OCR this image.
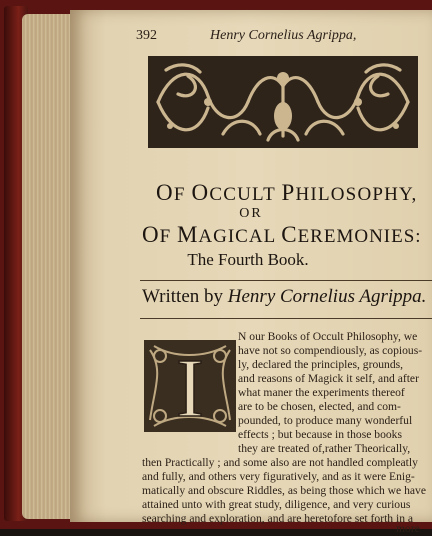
392	Henry Cornelius Agrippa,
OF OCCULT PHILOSOPHY,
OR
OF MAGICAL CEREMONIES:
The Fourth Book.
Written by Henry Cornelius Agrippa.
I
N our Books of Occult Philosophy, we
have not so compendiously, as copious-
ly, declared the principles, grounds,
and reasons of Magick it self, and after
what maner the experiments thereof
are to be chosen, elected, and com-
pounded, to produce many wonderful
effects ; but because in those books
they are treated of,rather Theorically,
then Practically ; and some also are not handled compleatly
and fully, and others very figuratively, and as it were Enig-
matically and obscure Riddles, as being those which we have
attained unto with great study, diligence, and very curious
searching and exploration, and are heretofore set forth in a
more
